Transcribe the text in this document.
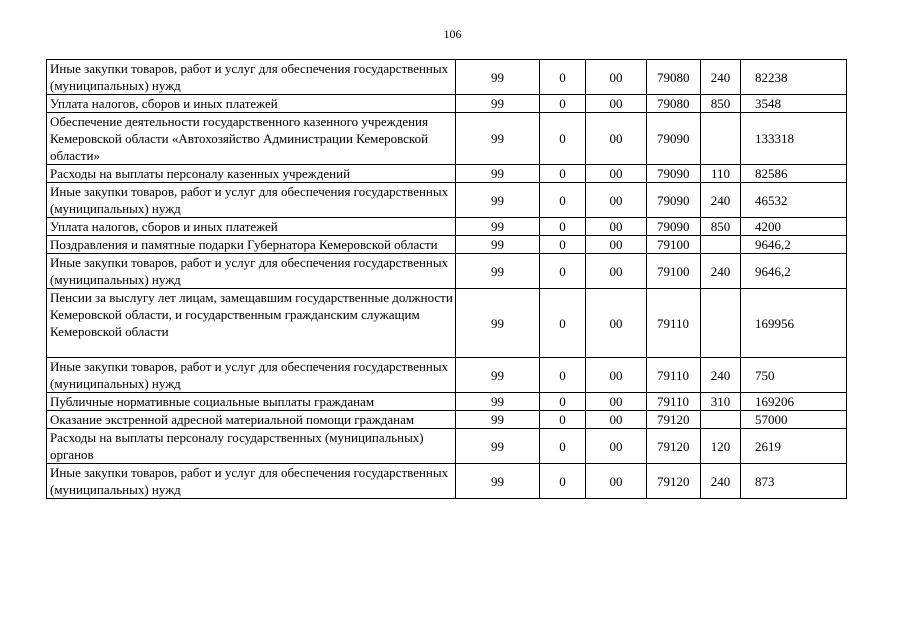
106
Иные закупки товаров, работ и услуг для обеспечения государственных (муниципальных) нужд	99	0	00	79080	240	82238
Уплата налогов, сборов и иных платежей	99	0	00	79080	850	3548
Обеспечение деятельности государственного казенного учреждения Кемеровской области «Автохозяйство Администрации Кемеровской области»	99	0	00	79090		133318
Расходы на выплаты персоналу казенных учреждений	99	0	00	79090	110	82586
Иные закупки товаров, работ и услуг для обеспечения государственных (муниципальных) нужд	99	0	00	79090	240	46532
Уплата налогов, сборов и иных платежей	99	0	00	79090	850	4200
Поздравления и памятные подарки Губернатора Кемеровской области	99	0	00	79100		9646,2
Иные закупки товаров, работ и услуг для обеспечения государственных (муниципальных) нужд	99	0	00	79100	240	9646,2
Пенсии за выслугу лет лицам, замещавшим государственные должности Кемеровской области, и государственным гражданским служащим Кемеровской области	99	0	00	79110		169956
Иные закупки товаров, работ и услуг для обеспечения государственных (муниципальных) нужд	99	0	00	79110	240	750
Публичные нормативные социальные выплаты гражданам	99	0	00	79110	310	169206
Оказание экстренной адресной материальной помощи гражданам	99	0	00	79120		57000
Расходы на выплаты персоналу государственных (муниципальных) органов	99	0	00	79120	120	2619
Иные закупки товаров, работ и услуг для обеспечения государственных (муниципальных) нужд	99	0	00	79120	240	873
